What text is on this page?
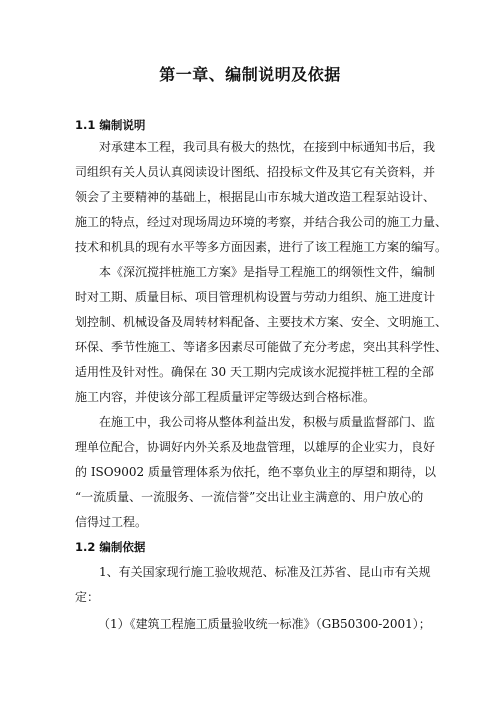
第一章、编制说明及依据
1.1 编制说明
对承建本工程，我司具有极大的热忱，在接到中标通知书后，我
司组织有关人员认真阅读设计图纸、招投标文件及其它有关资料，并
领会了主要精神的基础上，根据昆山市东城大道改造工程泵站设计、
施工的特点，经过对现场周边环境的考察，并结合我公司的施工力量、
技术和机具的现有水平等多方面因素，进行了该工程施工方案的编写。
本《深沉搅拌桩施工方案》是指导工程施工的纲领性文件，编制
时对工期、质量目标、项目管理机构设置与劳动力组织、施工进度计
划控制、机械设备及周转材料配备、主要技术方案、安全、文明施工、
环保、季节性施工、等诸多因素尽可能做了充分考虑，突出其科学性、
适用性及针对性。确保在 30 天工期内完成该水泥搅拌桩工程的全部
施工内容，并使该分部工程质量评定等级达到合格标准。
在施工中，我公司将从整体利益出发，积极与质量监督部门、监
理单位配合，协调好内外关系及地盘管理，以雄厚的企业实力，良好
的 ISO9002 质量管理体系为依托，绝不辜负业主的厚望和期待，以
“一流质量、一流服务、一流信誉”交出让业主满意的、用户放心的
信得过工程。
1.2 编制依据
1、有关国家现行施工验收规范、标准及江苏省、昆山市有关规
定：
（1）《建筑工程施工质量验收统一标准》（GB50300-2001）；
